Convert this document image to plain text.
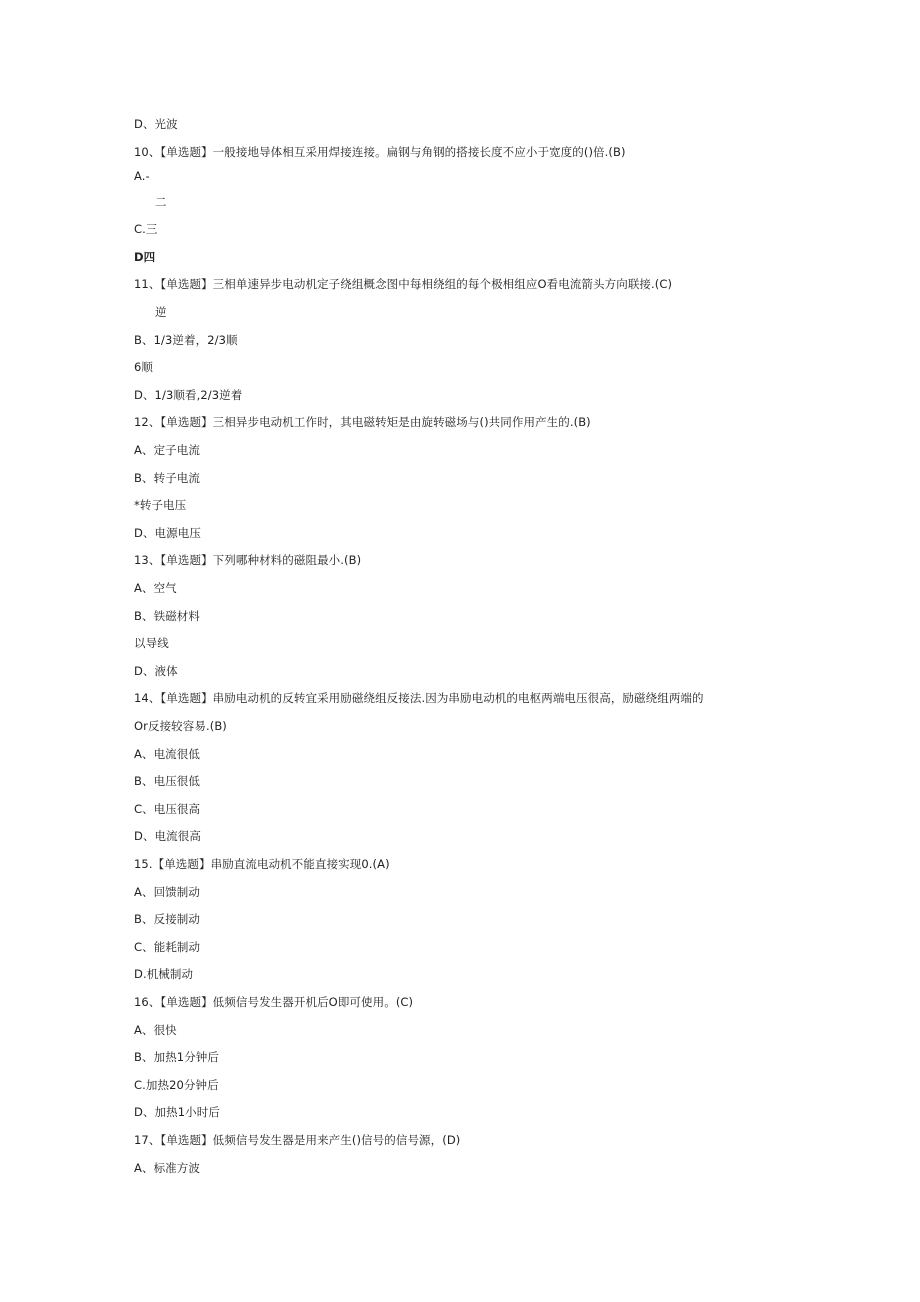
D、光波
10、【单选题】一般接地导体相互采用焊接连接。扁钢与角钢的搭接长度不应小于宽度的()倍.(B)
A.-
二
C.三
D四
11、【单选题】三相单速异步电动机定子绕组概念图中每相绕组的每个极相组应O看电流箭头方向联接.(C)
逆
B、1/3逆着，2/3顺
6顺
D、1/3顺看,2/3逆着
12、【单选题】三相异步电动机工作时，其电磁转矩是由旋转磁场与()共同作用产生的.(B)
A、定子电流
B、转子电流
*转子电压
D、电源电压
13、【单选题】下列哪种材料的磁阻最小.(B)
A、空气
B、铁磁材料
以导线
D、液体
14、【单选题】串励电动机的反转宜采用励磁绕组反接法.因为串励电动机的电枢两端电压很高，励磁绕组两端的
Or反接较容易.(B)
A、电流很低
B、电压很低
C、电压很高
D、电流很高
15.【单选题】串励直流电动机不能直接实现0.(A)
A、回馈制动
B、反接制动
C、能耗制动
D.机械制动
16、【单选题】低频信号发生器开机后O即可使用。(C)
A、很快
B、加热1分钟后
C.加热20分钟后
D、加热1小时后
17、【单选题】低频信号发生器是用来产生()信号的信号源，(D)
A、标准方波
